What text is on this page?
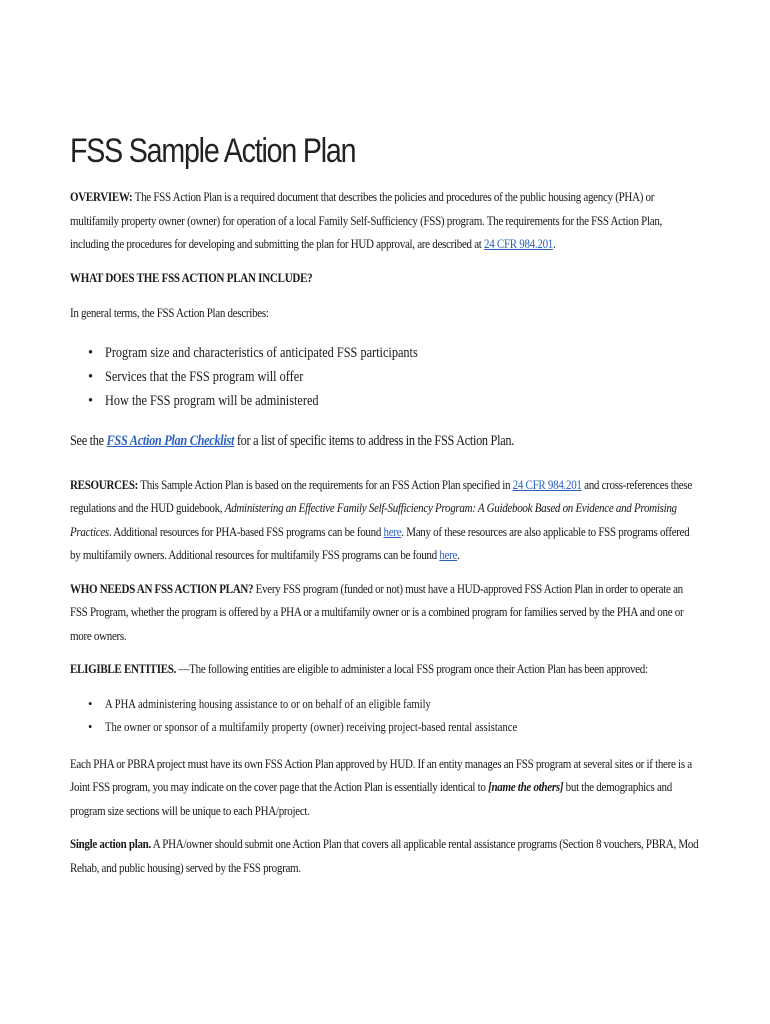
FSS Sample Action Plan

OVERVIEW: The FSS Action Plan is a required document that describes the policies and procedures of the public housing agency (PHA) or multifamily property owner (owner) for operation of a local Family Self-Sufficiency (FSS) program. The requirements for the FSS Action Plan, including the procedures for developing and submitting the plan for HUD approval, are described at 24 CFR 984.201.

WHAT DOES THE FSS ACTION PLAN INCLUDE?

In general terms, the FSS Action Plan describes:

• Program size and characteristics of anticipated FSS participants
• Services that the FSS program will offer
• How the FSS program will be administered

See the FSS Action Plan Checklist for a list of specific items to address in the FSS Action Plan.

RESOURCES: This Sample Action Plan is based on the requirements for an FSS Action Plan specified in 24 CFR 984.201 and cross-references these regulations and the HUD guidebook, Administering an Effective Family Self-Sufficiency Program: A Guidebook Based on Evidence and Promising Practices. Additional resources for PHA-based FSS programs can be found here. Many of these resources are also applicable to FSS programs offered by multifamily owners. Additional resources for multifamily FSS programs can be found here.

WHO NEEDS AN FSS ACTION PLAN? Every FSS program (funded or not) must have a HUD-approved FSS Action Plan in order to operate an FSS Program, whether the program is offered by a PHA or a multifamily owner or is a combined program for families served by the PHA and one or more owners.

ELIGIBLE ENTITIES. —The following entities are eligible to administer a local FSS program once their Action Plan has been approved:

• A PHA administering housing assistance to or on behalf of an eligible family
• The owner or sponsor of a multifamily property (owner) receiving project-based rental assistance

Each PHA or PBRA project must have its own FSS Action Plan approved by HUD. If an entity manages an FSS program at several sites or if there is a Joint FSS program, you may indicate on the cover page that the Action Plan is essentially identical to [name the others] but the demographics and program size sections will be unique to each PHA/project.

Single action plan. A PHA/owner should submit one Action Plan that covers all applicable rental assistance programs (Section 8 vouchers, PBRA, Mod Rehab, and public housing) served by the FSS program.
